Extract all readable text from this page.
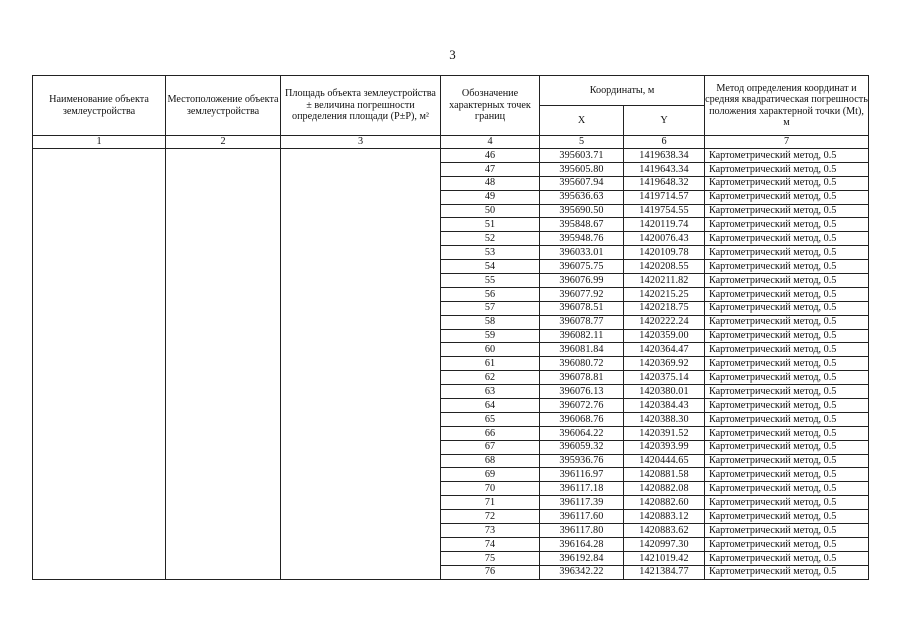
3
Наименование объекта землеустройства	Местоположение объекта землеустройства	Площадь объекта землеустройства ± величина погрешности определения площади (P±P), м²	Обозначение характерных точек границ	Координаты, м		Метод определения координат и средняя квадратическая погрешность положения характерной точки (Mt), м
				X	Y	
1	2	3	4	5	6	7
			46	395603.71	1419638.34	Картометрический метод, 0.5
			47	395605.80	1419643.34	Картометрический метод, 0.5
			48	395607.94	1419648.32	Картометрический метод, 0.5
			49	395636.63	1419714.57	Картометрический метод, 0.5
			50	395690.50	1419754.55	Картометрический метод, 0.5
			51	395848.67	1420119.74	Картометрический метод, 0.5
			52	395948.76	1420076.43	Картометрический метод, 0.5
			53	396033.01	1420109.78	Картометрический метод, 0.5
			54	396075.75	1420208.55	Картометрический метод, 0.5
			55	396076.99	1420211.82	Картометрический метод, 0.5
			56	396077.92	1420215.25	Картометрический метод, 0.5
			57	396078.51	1420218.75	Картометрический метод, 0.5
			58	396078.77	1420222.24	Картометрический метод, 0.5
			59	396082.11	1420359.00	Картометрический метод, 0.5
			60	396081.84	1420364.47	Картометрический метод, 0.5
			61	396080.72	1420369.92	Картометрический метод, 0.5
			62	396078.81	1420375.14	Картометрический метод, 0.5
			63	396076.13	1420380.01	Картометрический метод, 0.5
			64	396072.76	1420384.43	Картометрический метод, 0.5
			65	396068.76	1420388.30	Картометрический метод, 0.5
			66	396064.22	1420391.52	Картометрический метод, 0.5
			67	396059.32	1420393.99	Картометрический метод, 0.5
			68	395936.76	1420444.65	Картометрический метод, 0.5
			69	396116.97	1420881.58	Картометрический метод, 0.5
			70	396117.18	1420882.08	Картометрический метод, 0.5
			71	396117.39	1420882.60	Картометрический метод, 0.5
			72	396117.60	1420883.12	Картометрический метод, 0.5
			73	396117.80	1420883.62	Картометрический метод, 0.5
			74	396164.28	1420997.30	Картометрический метод, 0.5
			75	396192.84	1421019.42	Картометрический метод, 0.5
			76	396342.22	1421384.77	Картометрический метод, 0.5
